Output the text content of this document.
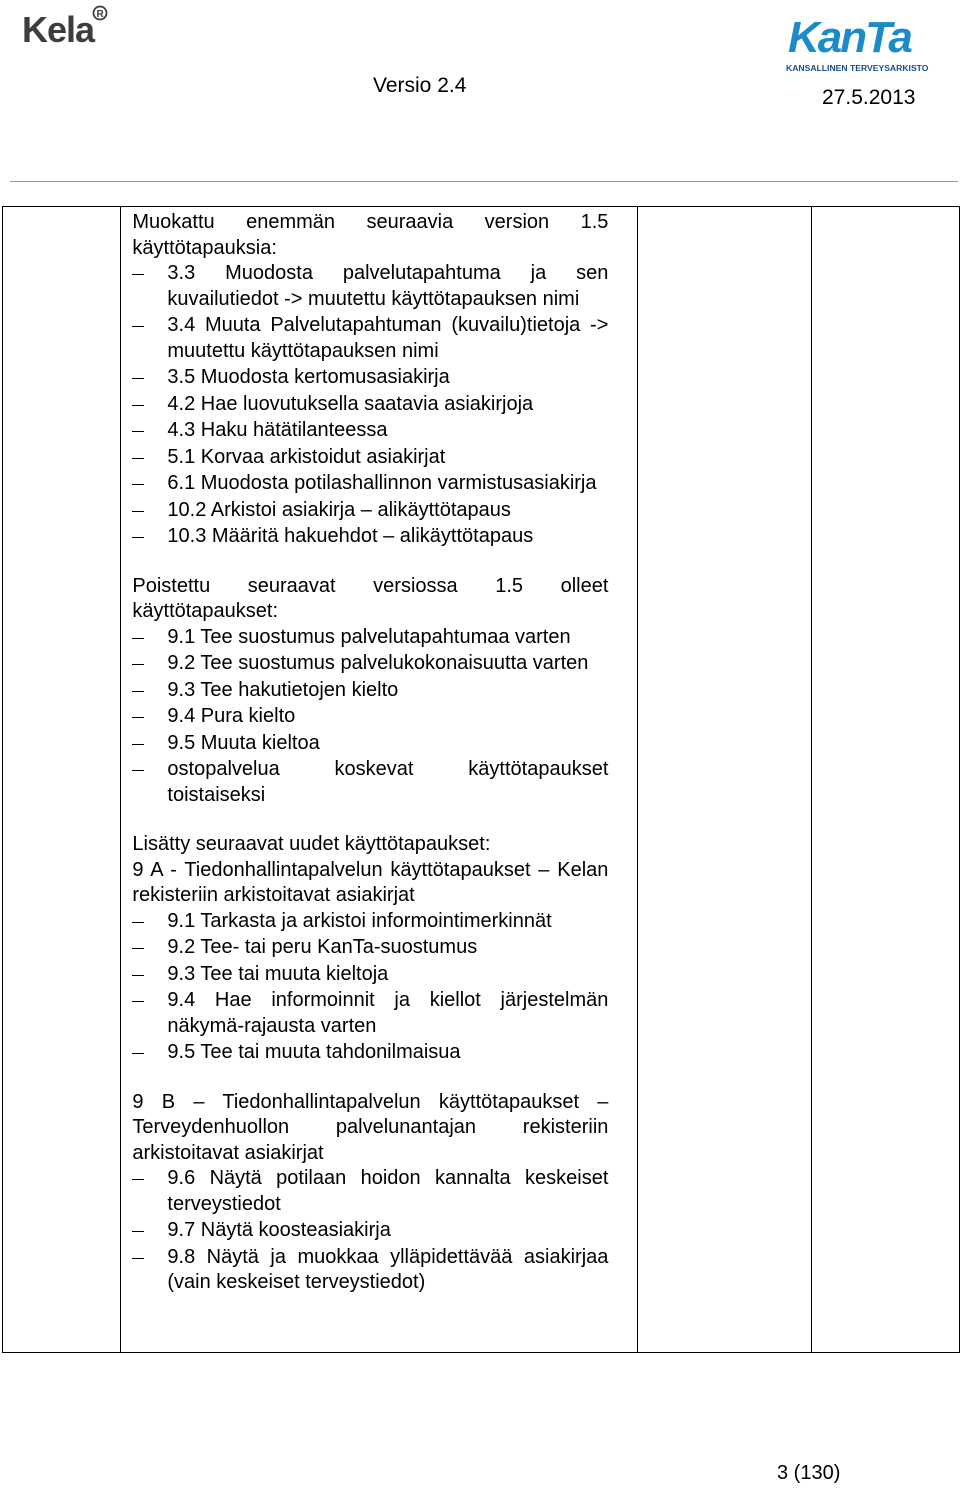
Kela R	KanTa
KANSALLINEN TERVEYSARKISTO
Versio 2.4
27.5.2013

Muokattu enemmän seuraavia version 1.5 käyttötapauksia:

3.3 Muodosta palvelutapahtuma ja sen kuvailutiedot -> muutettu käyttötapauksen nimi
3.4 Muuta Palvelutapahtuman (kuvailu)tietoja -> muutettu käyttötapauksen nimi
3.5 Muodosta kertomusasiakirja
4.2 Hae luovutuksella saatavia asiakirjoja
4.3 Haku hätätilanteessa
5.1 Korvaa arkistoidut asiakirjat
6.1 Muodosta potilashallinnon varmistusasiakirja
10.2 Arkistoi asiakirja – alikäyttötapaus
10.3 Määritä hakuehdot – alikäyttötapaus

Poistettu seuraavat versiossa 1.5 olleet käyttötapaukset:

9.1 Tee suostumus palvelutapahtumaa varten
9.2 Tee suostumus palvelukokonaisuutta varten
9.3 Tee hakutietojen kielto
9.4 Pura kielto
9.5 Muuta kieltoa
ostopalvelua koskevat käyttötapaukset toistaiseksi

Lisätty seuraavat uudet käyttötapaukset:

9 A - Tiedonhallintapalvelun käyttötapaukset – Kelan rekisteriin arkistoitavat asiakirjat

9.1 Tarkasta ja arkistoi informointimerkinnät
9.2 Tee- tai peru KanTa-suostumus
9.3 Tee tai muuta kieltoja
9.4 Hae informoinnit ja kiellot järjestelmän näkymä-rajausta varten
9.5 Tee tai muuta tahdonilmaisua

9 B – Tiedonhallintapalvelun käyttötapaukset – Terveydenhuollon palvelunantajan rekisteriin arkistoitavat asiakirjat

9.6 Näytä potilaan hoidon kannalta keskeiset terveystiedot
9.7 Näytä koosteasiakirja
9.8 Näytä ja muokkaa ylläpidettävää asiakirjaa (vain keskeiset terveystiedot)

3 (130)
